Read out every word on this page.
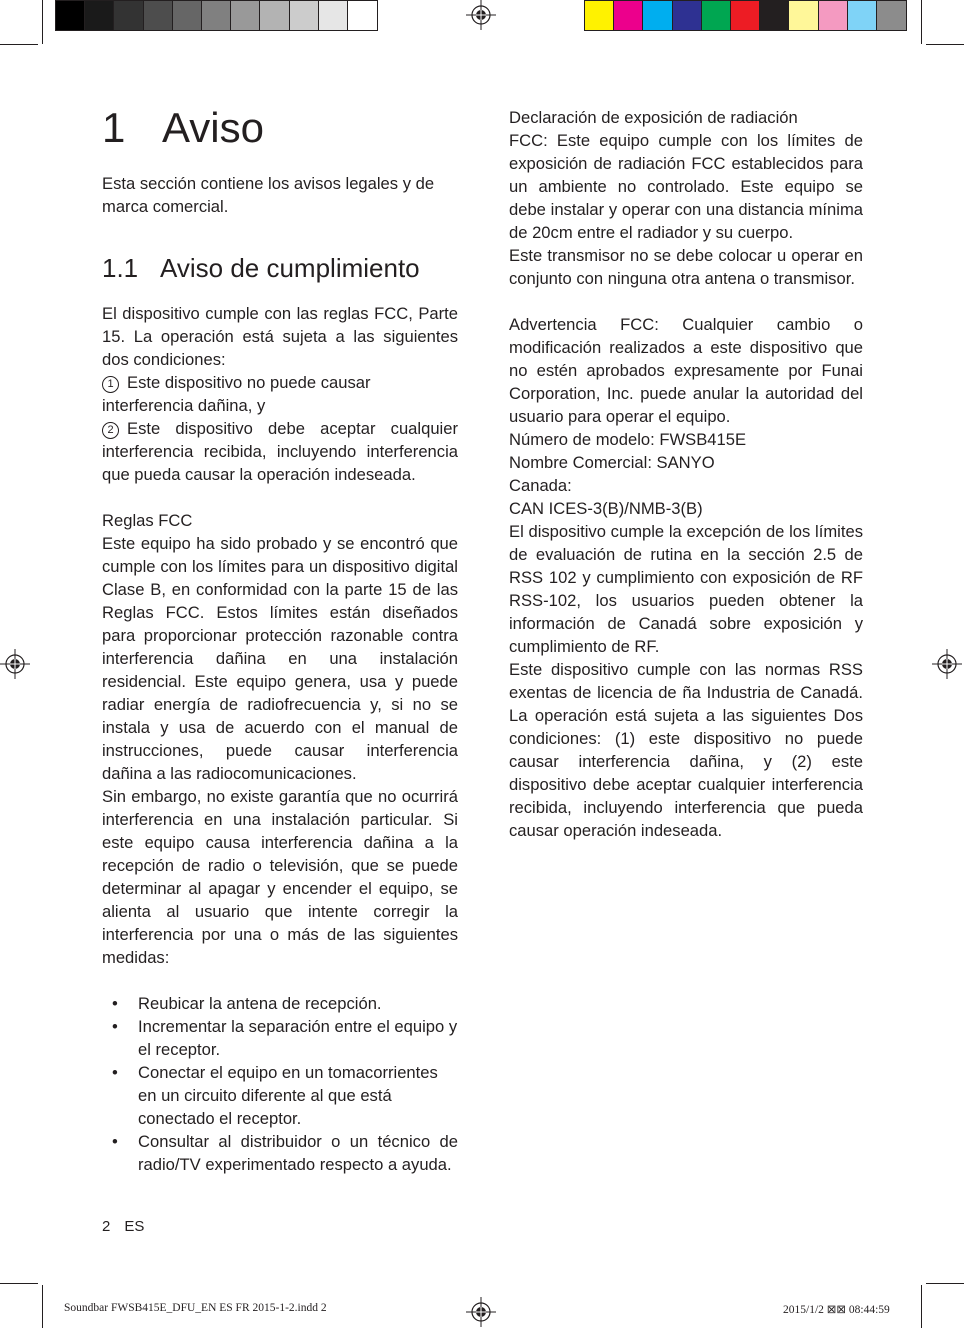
1 Aviso

Esta sección contiene los avisos legales y de marca comercial.

1.1 Aviso de cumplimiento

El dispositivo cumple con las reglas FCC, Parte 15. La operación está sujeta a las siguientes dos condiciones:

1 Este dispositivo no puede causar interferencia dañina, y

2 Este dispositivo debe aceptar cualquier interferencia recibida, incluyendo interferencia que pueda causar la operación indeseada.

Reglas FCC

Este equipo ha sido probado y se encontró que cumple con los límites para un dispositivo digital Clase B, en conformidad con la parte 15 de las Reglas FCC. Estos límites están diseñados para proporcionar protección razonable contra interferencia dañina en una instalación residencial. Este equipo genera, usa y puede radiar energía de radiofrecuencia y, si no se instala y usa de acuerdo con el manual de instrucciones, puede causar interferencia dañina a las radiocomunicaciones.

Sin embargo, no existe garantía que no ocurrirá interferencia en una instalación particular. Si este equipo causa interferencia dañina a la recepción de radio o televisión, que se puede determinar al apagar y encender el equipo, se alienta al usuario que intente corregir la interferencia por una o más de las siguientes medidas:

• Reubicar la antena de recepción.
• Incrementar la separación entre el equipo y el receptor.
• Conectar el equipo en un tomacorrientes en un circuito diferente al que está conectado el receptor.
• Consultar al distribuidor o un técnico de radio/TV experimentado respecto a ayuda.

Declaración de exposición de radiación

FCC: Este equipo cumple con los límites de exposición de radiación FCC establecidos para un ambiente no controlado. Este equipo se debe instalar y operar con una distancia mínima de 20cm entre el radiador y su cuerpo.

Este transmisor no se debe colocar u operar en conjunto con ninguna otra antena o transmisor.

Advertencia FCC: Cualquier cambio o modificación realizados a este dispositivo que no estén aprobados expresamente por Funai Corporation, Inc. puede anular la autoridad del usuario para operar el equipo.

Número de modelo: FWSB415E

Nombre Comercial: SANYO

Canada:

CAN ICES-3(B)/NMB-3(B)

El dispositivo cumple la excepción de los límites de evaluación de rutina en la sección 2.5 de RSS 102 y cumplimiento con exposición de RF RSS-102, los usuarios pueden obtener la información de Canadá sobre exposición y cumplimiento de RF.

Este dispositivo cumple con las normas RSS exentas de licencia de ña Industria de Canadá. La operación está sujeta a las siguientes Dos condiciones: (1) este dispositivo no puede causar interferencia dañina, y (2) este dispositivo debe aceptar cualquier interferencia recibida, incluyendo interferencia que pueda causar operación indeseada.

2 ES
Soundbar FWSB415E_DFU_EN ES FR 2015-1-2.indd 2	2015/1/2 ⊠⊠ 08:44:59
